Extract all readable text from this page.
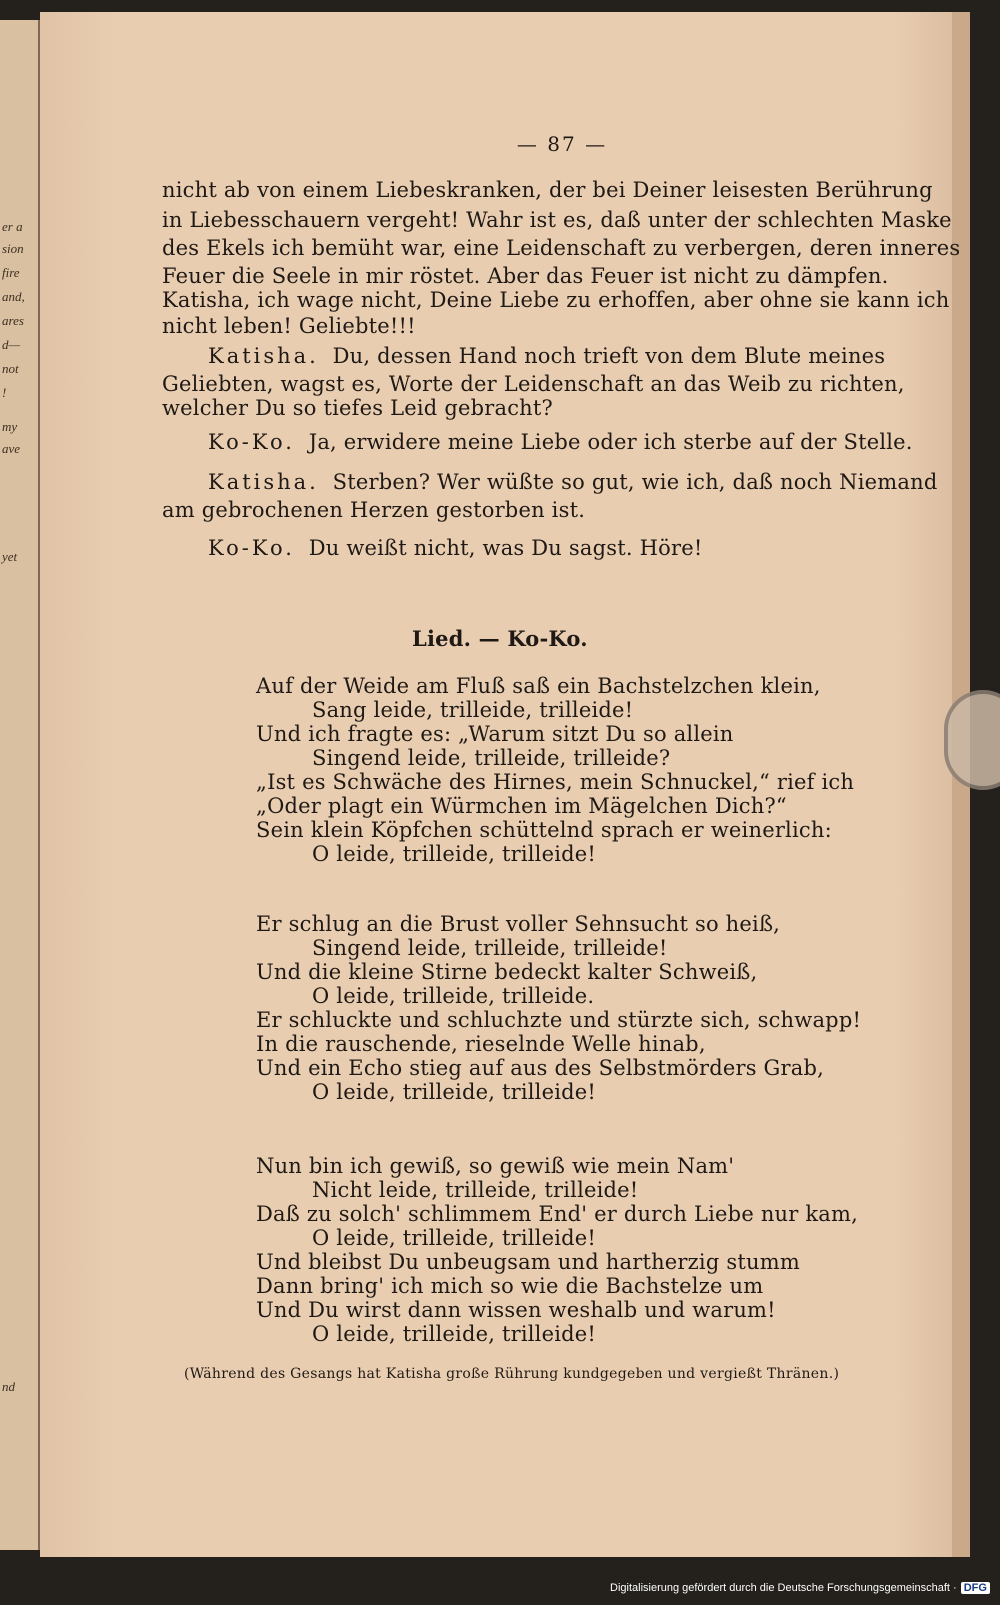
er a
sion
fire
and,
ares
d—
not
!
my
ave
yet
nd
— 87 —
nicht ab von einem Liebeskranken, der bei Deiner leisesten Berührung
in Liebesschauern vergeht! Wahr ist es, daß unter der schlechten Maske
des Ekels ich bemüht war, eine Leidenschaft zu verbergen, deren inneres
Feuer die Seele in mir röstet. Aber das Feuer ist nicht zu dämpfen.
Katisha, ich wage nicht, Deine Liebe zu erhoffen, aber ohne sie kann ich
nicht leben! Geliebte!!!
Katisha. Du, dessen Hand noch trieft von dem Blute meines
Geliebten, wagst es, Worte der Leidenschaft an das Weib zu richten,
welcher Du so tiefes Leid gebracht?
Ko-Ko. Ja, erwidere meine Liebe oder ich sterbe auf der Stelle.
Katisha. Sterben? Wer wüßte so gut, wie ich, daß noch Niemand
am gebrochenen Herzen gestorben ist.
Ko-Ko. Du weißt nicht, was Du sagst. Höre!
Lied. — Ko-Ko.
Auf der Weide am Fluß saß ein Bachstelzchen klein,
Sang leide, trilleide, trilleide!
Und ich fragte es: „Warum sitzt Du so allein
Singend leide, trilleide, trilleide?
„Ist es Schwäche des Hirnes, mein Schnuckel,“ rief ich
„Oder plagt ein Würmchen im Mägelchen Dich?“
Sein klein Köpfchen schüttelnd sprach er weinerlich:
O leide, trilleide, trilleide!
Er schlug an die Brust voller Sehnsucht so heiß,
Singend leide, trilleide, trilleide!
Und die kleine Stirne bedeckt kalter Schweiß,
O leide, trilleide, trilleide.
Er schluckte und schluchzte und stürzte sich, schwapp!
In die rauschende, rieselnde Welle hinab,
Und ein Echo stieg auf aus des Selbstmörders Grab,
O leide, trilleide, trilleide!
Nun bin ich gewiß, so gewiß wie mein Nam'
Nicht leide, trilleide, trilleide!
Daß zu solch' schlimmem End' er durch Liebe nur kam,
O leide, trilleide, trilleide!
Und bleibst Du unbeugsam und hartherzig stumm
Dann bring' ich mich so wie die Bachstelze um
Und Du wirst dann wissen weshalb und warum!
O leide, trilleide, trilleide!
(Während des Gesangs hat Katisha große Rührung kundgegeben und vergießt Thränen.)
Digitalisierung gefördert durch die Deutsche Forschungsgemeinschaft · DFG
